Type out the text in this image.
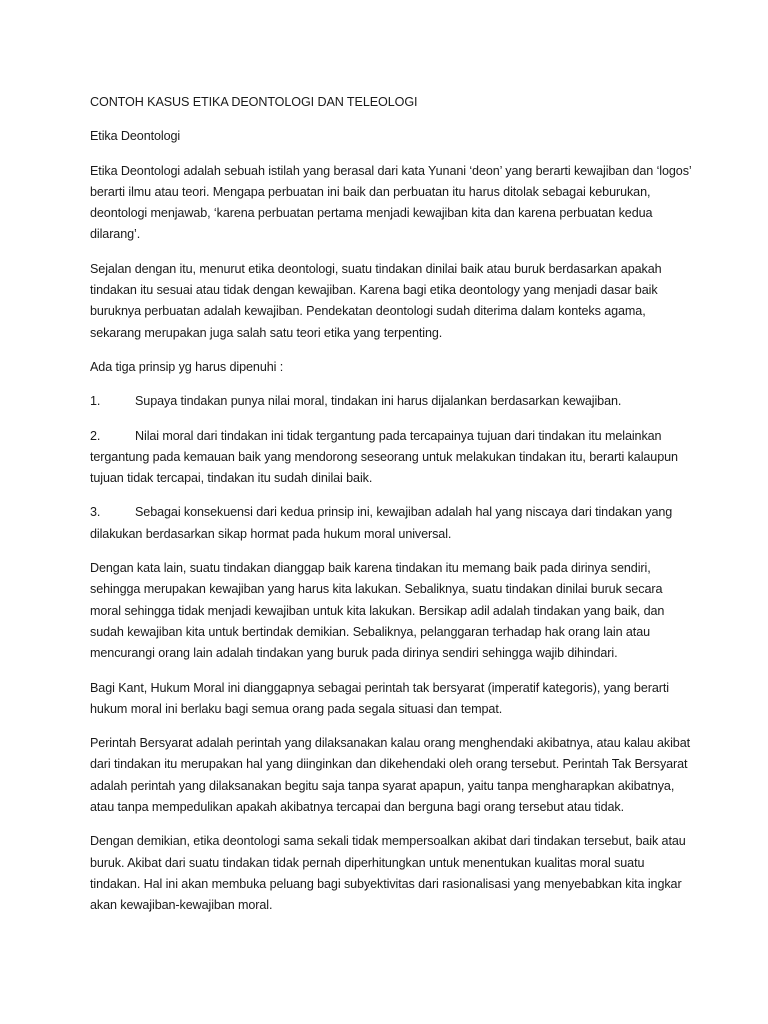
CONTOH KASUS ETIKA DEONTOLOGI DAN TELEOLOGI
Etika Deontologi
Etika Deontologi adalah sebuah istilah yang berasal dari kata Yunani ‘deon’ yang berarti kewajiban dan ‘logos’ berarti ilmu atau teori. Mengapa perbuatan ini baik dan perbuatan itu harus ditolak sebagai keburukan, deontologi menjawab, ‘karena perbuatan pertama menjadi kewajiban kita dan karena perbuatan kedua dilarang’.
Sejalan dengan itu, menurut etika deontologi, suatu tindakan dinilai baik atau buruk berdasarkan apakah tindakan itu sesuai atau tidak dengan kewajiban. Karena bagi etika deontology yang menjadi dasar baik buruknya perbuatan adalah kewajiban. Pendekatan deontologi sudah diterima dalam konteks agama, sekarang merupakan juga salah satu teori etika yang terpenting.
Ada tiga prinsip yg harus dipenuhi :
1.	Supaya tindakan punya nilai moral, tindakan ini harus dijalankan berdasarkan kewajiban.
2.	Nilai moral dari tindakan ini tidak tergantung pada tercapainya tujuan dari tindakan itu melainkan tergantung pada kemauan baik yang mendorong seseorang untuk melakukan tindakan itu, berarti kalaupun tujuan tidak tercapai, tindakan itu sudah dinilai baik.
3.	Sebagai konsekuensi dari kedua prinsip ini, kewajiban adalah hal yang niscaya dari tindakan yang dilakukan berdasarkan sikap hormat pada hukum moral universal.
Dengan kata lain, suatu tindakan dianggap baik karena tindakan itu memang baik pada dirinya sendiri, sehingga merupakan kewajiban yang harus kita lakukan. Sebaliknya, suatu tindakan dinilai buruk secara moral sehingga tidak menjadi kewajiban untuk kita lakukan. Bersikap adil adalah tindakan yang baik, dan sudah kewajiban kita untuk bertindak demikian. Sebaliknya, pelanggaran terhadap hak orang lain atau mencurangi orang lain adalah tindakan yang buruk pada dirinya sendiri sehingga wajib dihindari.
Bagi Kant, Hukum Moral ini dianggapnya sebagai perintah tak bersyarat (imperatif kategoris), yang berarti hukum moral ini berlaku bagi semua orang pada segala situasi dan tempat.
Perintah Bersyarat adalah perintah yang dilaksanakan kalau orang menghendaki akibatnya, atau kalau akibat dari tindakan itu merupakan hal yang diinginkan dan dikehendaki oleh orang tersebut. Perintah Tak Bersyarat adalah perintah yang dilaksanakan begitu saja tanpa syarat apapun, yaitu tanpa mengharapkan akibatnya, atau tanpa mempedulikan apakah akibatnya tercapai dan berguna bagi orang tersebut atau tidak.
Dengan demikian, etika deontologi sama sekali tidak mempersoalkan akibat dari tindakan tersebut, baik atau buruk. Akibat dari suatu tindakan tidak pernah diperhitungkan untuk menentukan kualitas moral suatu tindakan. Hal ini akan membuka peluang bagi subyektivitas dari rasionalisasi yang menyebabkan kita ingkar akan kewajiban-kewajiban moral.
